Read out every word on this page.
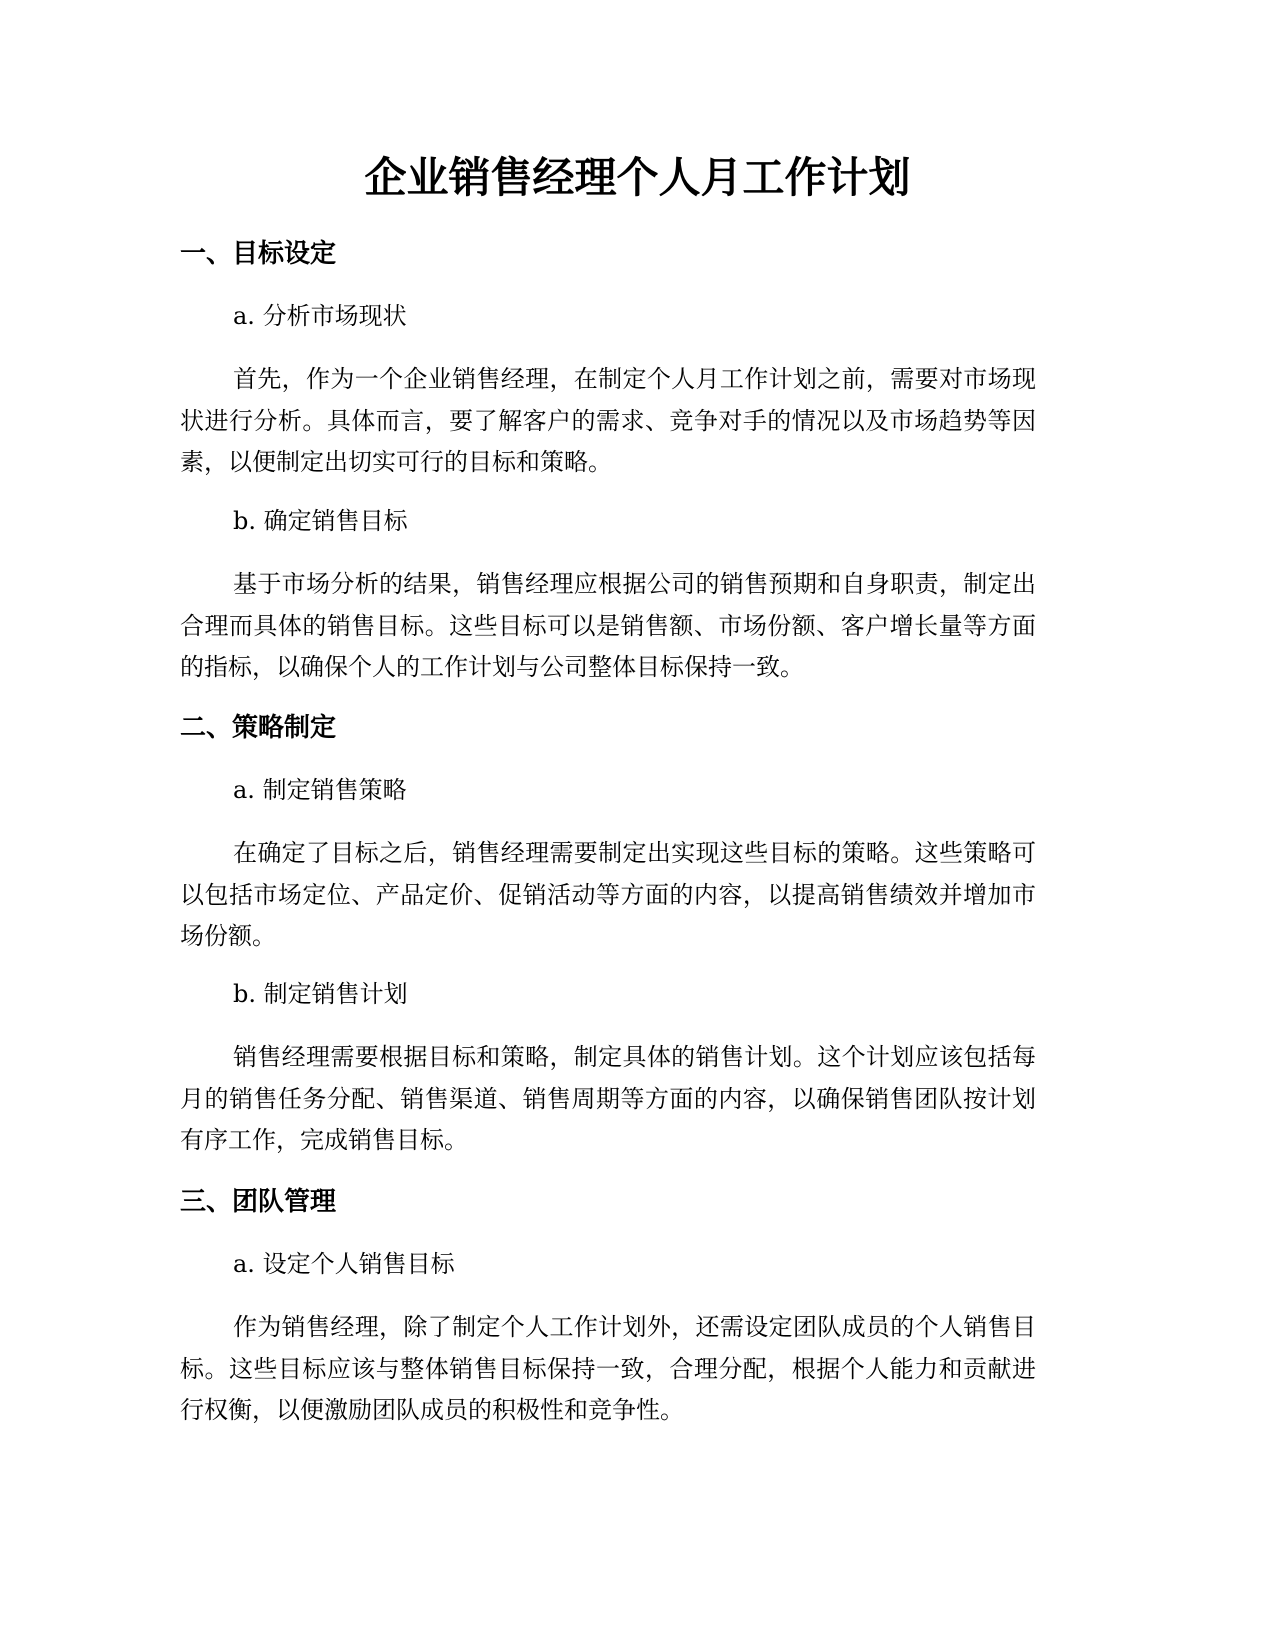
企业销售经理个人月工作计划
一、目标设定

a. 分析市场现状

首先，作为一个企业销售经理，在制定个人月工作计划之前，需要对市场现状进行分析。具体而言，要了解客户的需求、竞争对手的情况以及市场趋势等因素，以便制定出切实可行的目标和策略。

b. 确定销售目标

基于市场分析的结果，销售经理应根据公司的销售预期和自身职责，制定出合理而具体的销售目标。这些目标可以是销售额、市场份额、客户增长量等方面的指标，以确保个人的工作计划与公司整体目标保持一致。

二、策略制定

a. 制定销售策略

在确定了目标之后，销售经理需要制定出实现这些目标的策略。这些策略可以包括市场定位、产品定价、促销活动等方面的内容，以提高销售绩效并增加市场份额。

b. 制定销售计划

销售经理需要根据目标和策略，制定具体的销售计划。这个计划应该包括每月的销售任务分配、销售渠道、销售周期等方面的内容，以确保销售团队按计划有序工作，完成销售目标。

三、团队管理

a. 设定个人销售目标

作为销售经理，除了制定个人工作计划外，还需设定团队成员的个人销售目标。这些目标应该与整体销售目标保持一致，合理分配，根据个人能力和贡献进行权衡，以便激励团队成员的积极性和竞争性。
